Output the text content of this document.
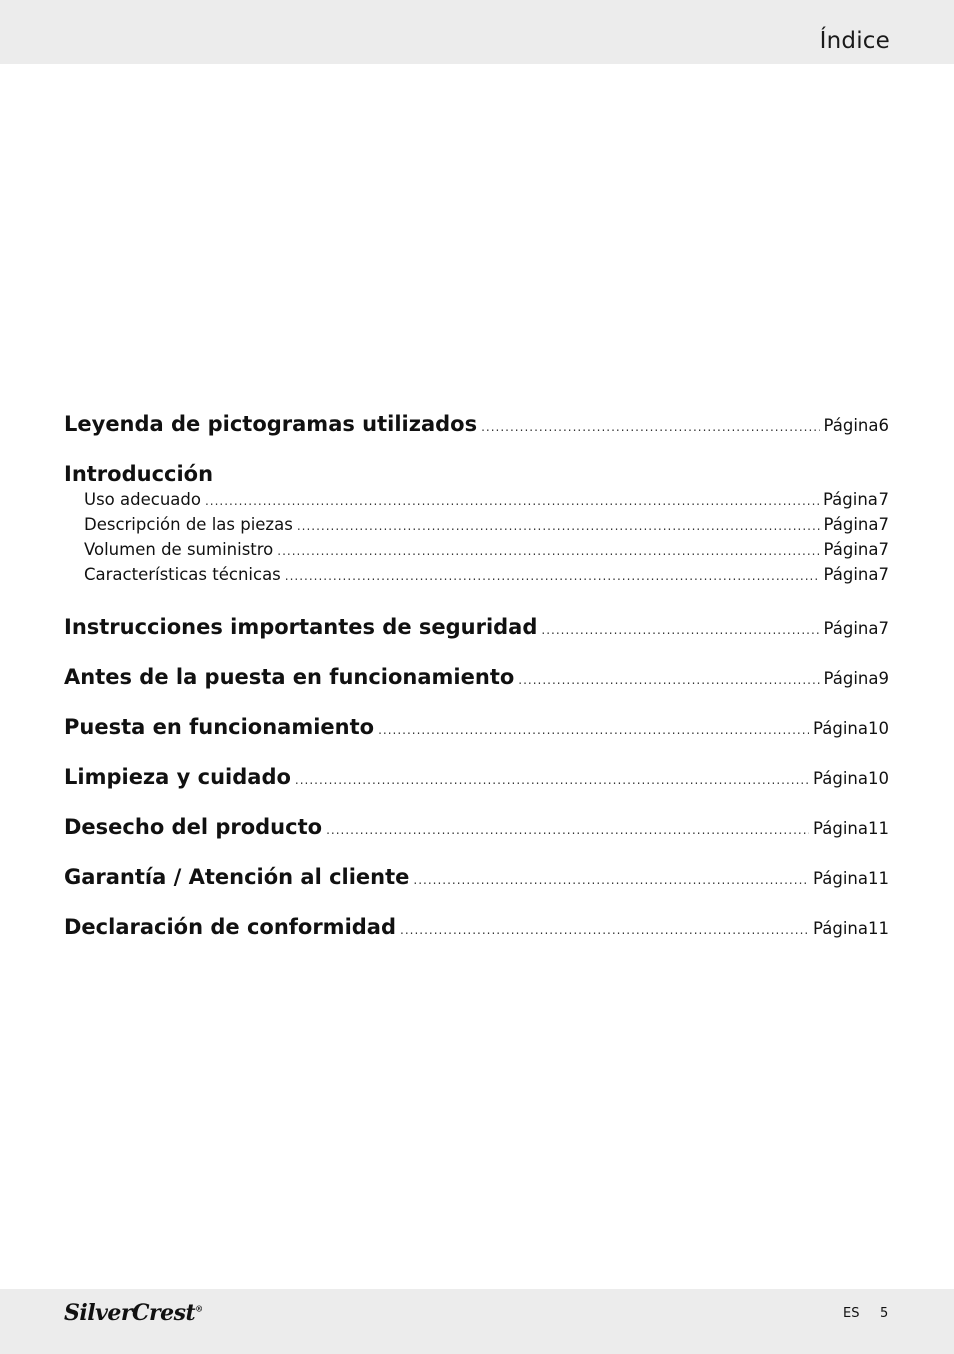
Índice
Leyenda de pictogramas utilizados .....	Página 6
Introducción
Uso adecuado .....	Página 7
Descripción de las piezas .....	Página 7
Volumen de suministro .....	Página 7
Características técnicas .....	Página 7
Instrucciones importantes de seguridad .....	Página 7
Antes de la puesta en funcionamiento .....	Página 9
Puesta en funcionamiento .....	Página 10
Limpieza y cuidado .....	Página 10
Desecho del producto .....	Página 11
Garantía / Atención al cliente .....	Página 11
Declaración de conformidad .....	Página 11
SilverCrest®	ES 5
